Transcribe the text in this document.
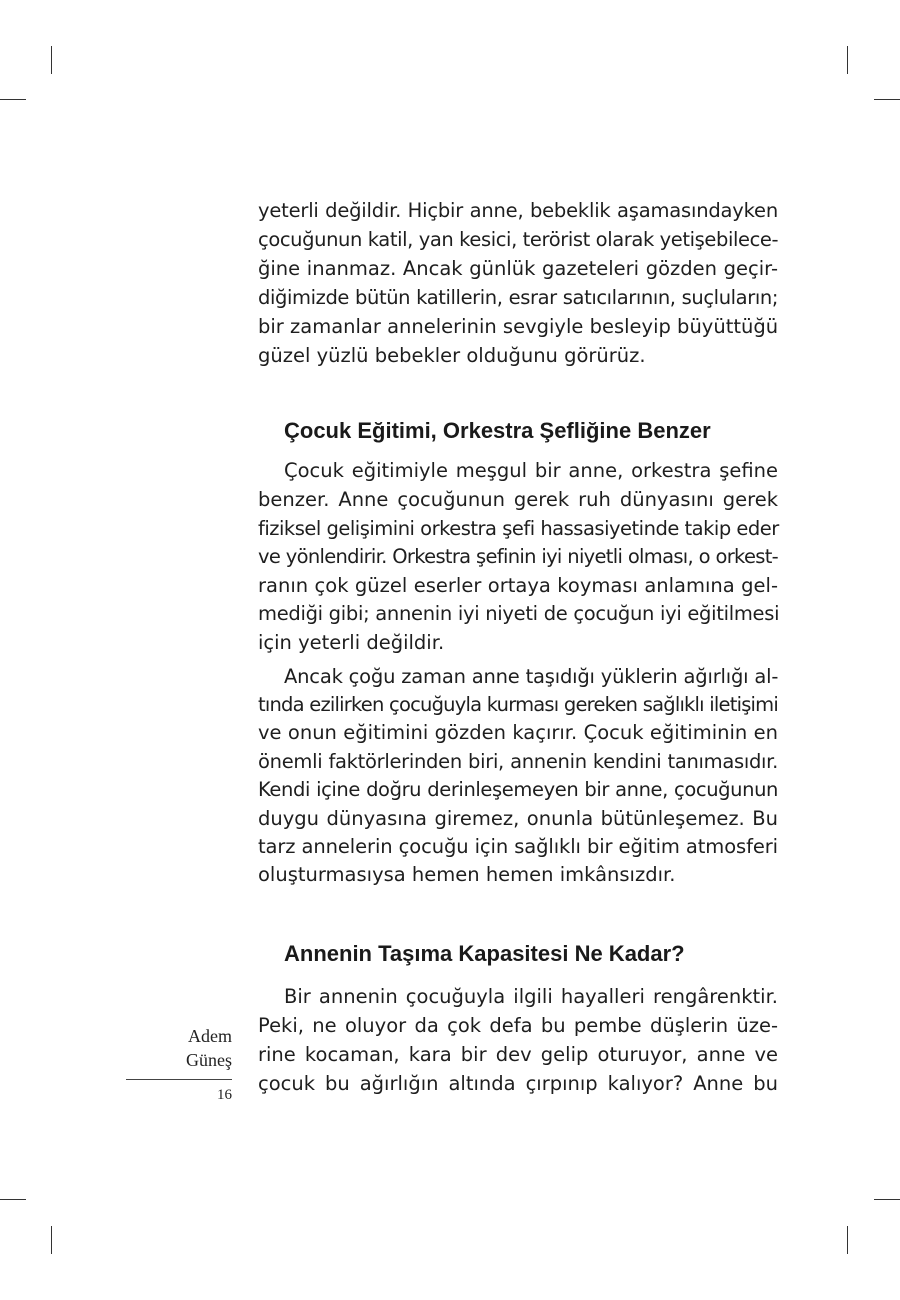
yeterli değildir. Hiçbir anne, bebeklik aşamasındayken
çocuğunun katil, yan kesici, terörist olarak yetişebilece-
ğine inanmaz. Ancak günlük gazeteleri gözden geçir-
diğimizde bütün katillerin, esrar satıcılarının, suçluların;
bir zamanlar annelerinin sevgiyle besleyip büyüttüğü
güzel yüzlü bebekler olduğunu görürüz.
Çocuk Eğitimi, Orkestra Şefliğine Benzer
Çocuk eğitimiyle meşgul bir anne, orkestra şefine
benzer. Anne çocuğunun gerek ruh dünyasını gerek
fiziksel gelişimini orkestra şefi hassasiyetinde takip eder
ve yönlendirir. Orkestra şefinin iyi niyetli olması, o orkest-
ranın çok güzel eserler ortaya koyması anlamına gel-
mediği gibi; annenin iyi niyeti de çocuğun iyi eğitilmesi
için yeterli değildir.
Ancak çoğu zaman anne taşıdığı yüklerin ağırlığı al-
tında ezilirken çocuğuyla kurması gereken sağlıklı iletişimi
ve onun eğitimini gözden kaçırır. Çocuk eğitiminin en
önemli faktörlerinden biri, annenin kendini tanımasıdır.
Kendi içine doğru derinleşemeyen bir anne, çocuğunun
duygu dünyasına giremez, onunla bütünleşemez. Bu
tarz annelerin çocuğu için sağlıklı bir eğitim atmosferi
oluşturmasıysa hemen hemen imkânsızdır.
Annenin Taşıma Kapasitesi Ne Kadar?
Bir annenin çocuğuyla ilgili hayalleri rengârenktir.
Peki, ne oluyor da çok defa bu pembe düşlerin üze-
rine kocaman, kara bir dev gelip oturuyor, anne ve
çocuk bu ağırlığın altında çırpınıp kalıyor? Anne bu
Adem
Güneş
16
